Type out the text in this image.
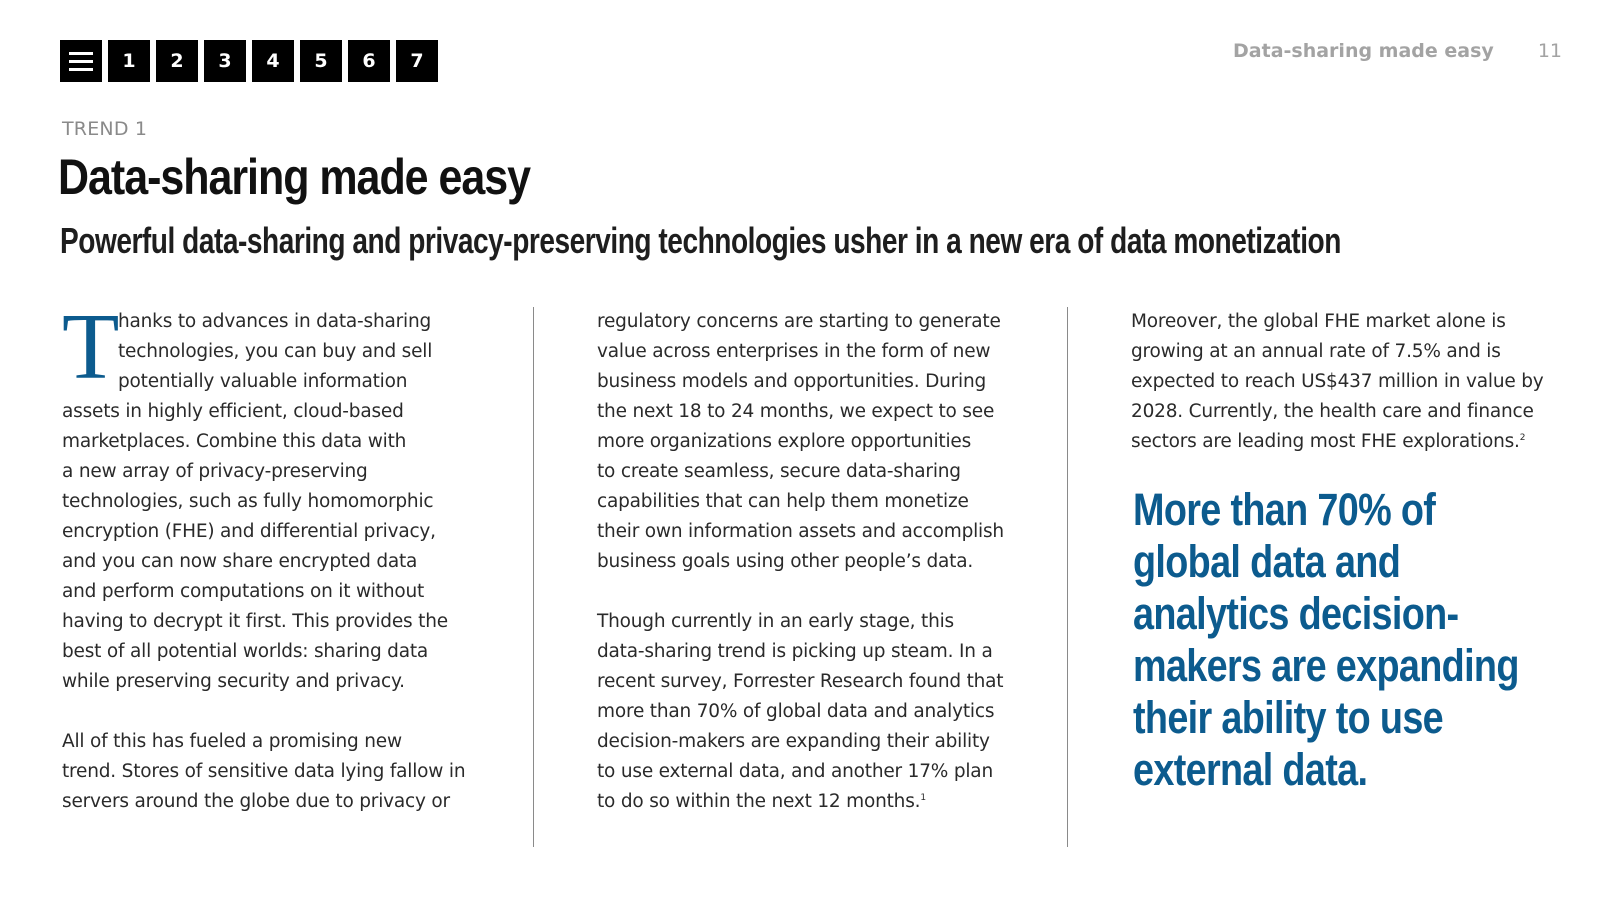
1	2	3	4	5	6	7	Data-sharing made easy 11
TREND 1
Data-sharing made easy
Powerful data-sharing and privacy-preserving technologies usher in a new era of data monetization
T

hanks to advances in data-sharing

technologies, you can buy and sell

potentially valuable information

assets in highly efficient, cloud-based

marketplaces. Combine this data with

a new array of privacy-preserving

technologies, such as fully homomorphic

encryption (FHE) and differential privacy,

and you can now share encrypted data

and perform computations on it without

having to decrypt it first. This provides the

best of all potential worlds: sharing data

while preserving security and privacy.

All of this has fueled a promising new

trend. Stores of sensitive data lying fallow in

servers around the globe due to privacy or

regulatory concerns are starting to generate

value across enterprises in the form of new

business models and opportunities. During

the next 18 to 24 months, we expect to see

more organizations explore opportunities

to create seamless, secure data-sharing

capabilities that can help them monetize

their own information assets and accomplish

business goals using other people’s data.

Though currently in an early stage, this

data-sharing trend is picking up steam. In a

recent survey, Forrester Research found that

more than 70% of global data and analytics

decision-makers are expanding their ability

to use external data, and another 17% plan

to do so within the next 12 months.$^1$

Moreover, the global FHE market alone is

growing at an annual rate of 7.5% and is

expected to reach US$437 million in value by

2028. Currently, the health care and finance

sectors are leading most FHE explorations.$^2$

More than 70% of
global data and
analytics decision-
makers are expanding
their ability to use
external data.
